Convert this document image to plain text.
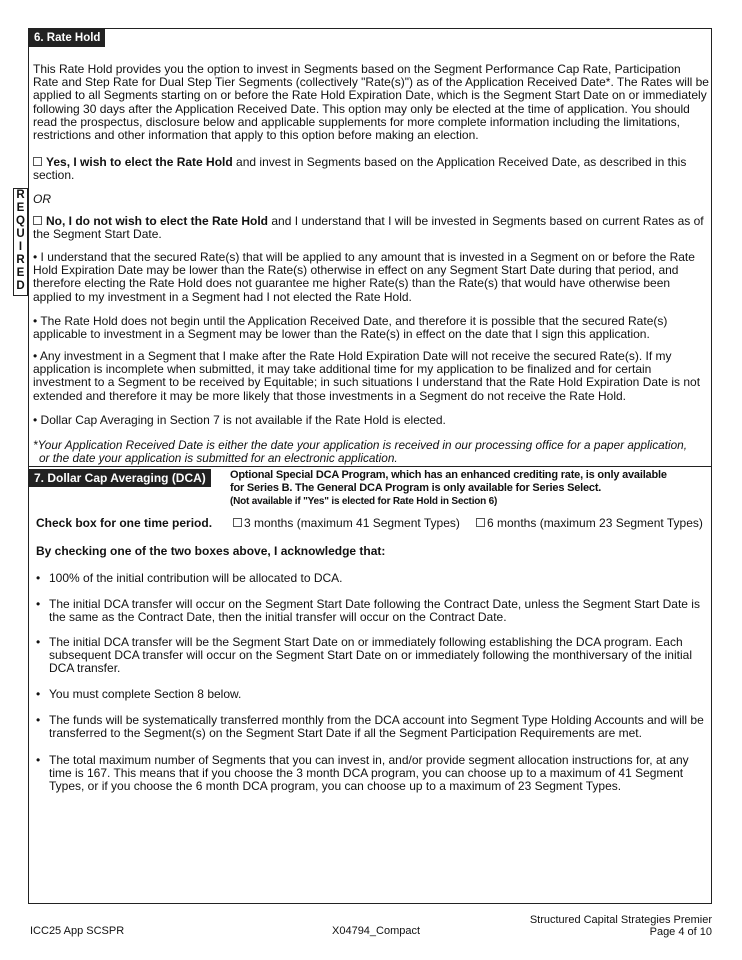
R
E
Q
U
I
R
E
D
6. Rate Hold

This Rate Hold provides you the option to invest in Segments based on the Segment Performance Cap Rate, Participation Rate and Step Rate for Dual Step Tier Segments (collectively "Rate(s)") as of the Application Received Date*. The Rates will be applied to all Segments starting on or before the Rate Hold Expiration Date, which is the Segment Start Date on or immediately following 30 days after the Application Received Date. This option may only be elected at the time of application. You should read the prospectus, disclosure below and applicable supplements for more complete information including the limitations, restrictions and other information that apply to this option before making an election.

Yes, I wish to elect the Rate Hold and invest in Segments based on the Application Received Date, as described in this section.

OR

No, I do not wish to elect the Rate Hold and I understand that I will be invested in Segments based on current Rates as of the Segment Start Date.

• I understand that the secured Rate(s) that will be applied to any amount that is invested in a Segment on or before the Rate Hold Expiration Date may be lower than the Rate(s) otherwise in effect on any Segment Start Date during that period, and therefore electing the Rate Hold does not guarantee me higher Rate(s) than the Rate(s) that would have otherwise been applied to my investment in a Segment had I not elected the Rate Hold.

• The Rate Hold does not begin until the Application Received Date, and therefore it is possible that the secured Rate(s) applicable to investment in a Segment may be lower than the Rate(s) in effect on the date that I sign this application.

• Any investment in a Segment that I make after the Rate Hold Expiration Date will not receive the secured Rate(s). If my application is incomplete when submitted, it may take additional time for my application to be finalized and for certain investment to a Segment to be received by Equitable; in such situations I understand that the Rate Hold Expiration Date is not extended and therefore it may be more likely that those investments in a Segment do not receive the Rate Hold.

• Dollar Cap Averaging in Section 7 is not available if the Rate Hold is elected.

*Your Application Received Date is either the date your application is received in our processing office for a paper application,
or the date your application is submitted for an electronic application.

7. Dollar Cap Averaging (DCA)	Optional Special DCA Program, which has an enhanced crediting rate, is only available
for Series B. The General DCA Program is only available for Series Select.
(Not available if "Yes" is elected for Rate Hold in Section 6)
Check box for one time period.	3 months (maximum 41 Segment Types)	6 months (maximum 23 Segment Types)
By checking one of the two boxes above, I acknowledge that:
• 100% of the initial contribution will be allocated to DCA.
• The initial DCA transfer will occur on the Segment Start Date following the Contract Date, unless the Segment Start Date is the same as the Contract Date, then the initial transfer will occur on the Contract Date.
• The initial DCA transfer will be the Segment Start Date on or immediately following establishing the DCA program. Each subsequent DCA transfer will occur on the Segment Start Date on or immediately following the monthiversary of the initial DCA transfer.
• You must complete Section 8 below.
• The funds will be systematically transferred monthly from the DCA account into Segment Type Holding Accounts and will be transferred to the Segment(s) on the Segment Start Date if all the Segment Participation Requirements are met.
• The total maximum number of Segments that you can invest in, and/or provide segment allocation instructions for, at any time is 167. This means that if you choose the 3 month DCA program, you can choose up to a maximum of 41 Segment Types, or if you choose the 6 month DCA program, you can choose up to a maximum of 23 Segment Types.
ICC25 App SCSPR	X04794_Compact
Structured Capital Strategies Premier
Page 4 of 10
